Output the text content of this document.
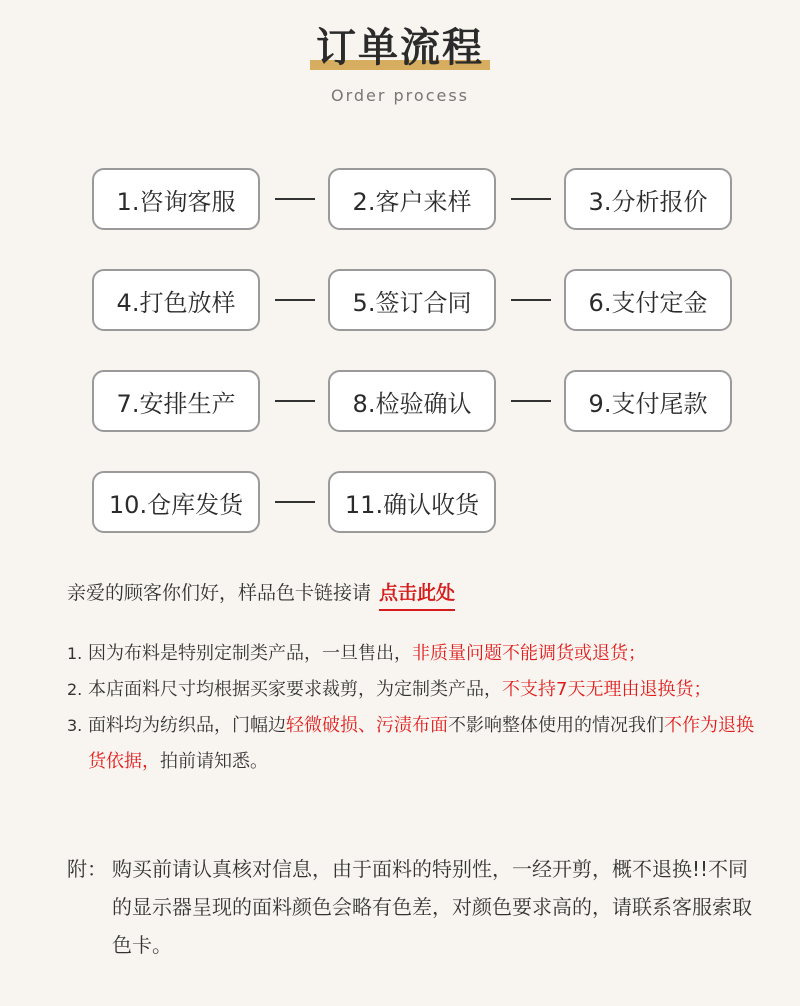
订单流程
Order process
1.咨询客服	2.客户来样	3.分析报价
4.打色放样	5.签订合同	6.支付定金
7.安排生产	8.检验确认	9.支付尾款
10.仓库发货	11.确认收货
亲爱的顾客你们好，样品色卡链接请 点击此处
1. 因为布料是特别定制类产品，一旦售出，非质量问题不能调货或退货；
2. 本店面料尺寸均根据买家要求裁剪，为定制类产品，不支持7天无理由退换货；
3. 面料均为纺织品，门幅边轻微破损、污渍布面不影响整体使用的情况我们不作为退换货依据，拍前请知悉。
附： 购买前请认真核对信息，由于面料的特别性，一经开剪，概不退换!!不同的显示器呈现的面料颜色会略有色差，对颜色要求高的，请联系客服索取色卡。
